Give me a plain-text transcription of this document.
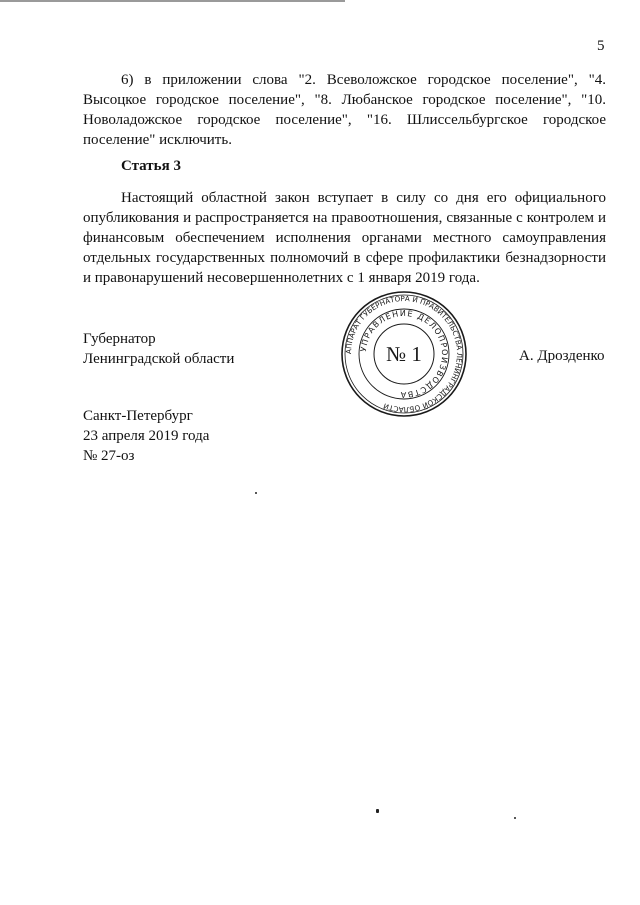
5
6) в приложении слова "2. Всеволожское городское поселение", "4. Высоцкое городское поселение", "8. Любанское городское поселение", "10. Новоладожское городское поселение", "16. Шлиссельбургское городское поселение" исключить.
Статья 3
Настоящий областной закон вступает в силу со дня его официального опубликования и распространяется на правоотношения, связанные с контролем и финансовым обеспечением исполнения органами местного самоуправления отдельных государственных полномочий в сфере профилактики безнадзорности и правонарушений несовершеннолетних с 1 января 2019 года.
Губернатор
Ленинградской области	А. Дрозденко
АППАРАТ ГУБЕРНАТОРА И ПРАВИТЕЛЬСТВА ЛЕНИНГРАДСКОЙ ОБЛАСТИ
УПРАВЛЕНИЕ ДЕЛОПРОИЗВОДСТВА
№ 1
Санкт-Петербург
23 апреля 2019 года
№ 27-оз
